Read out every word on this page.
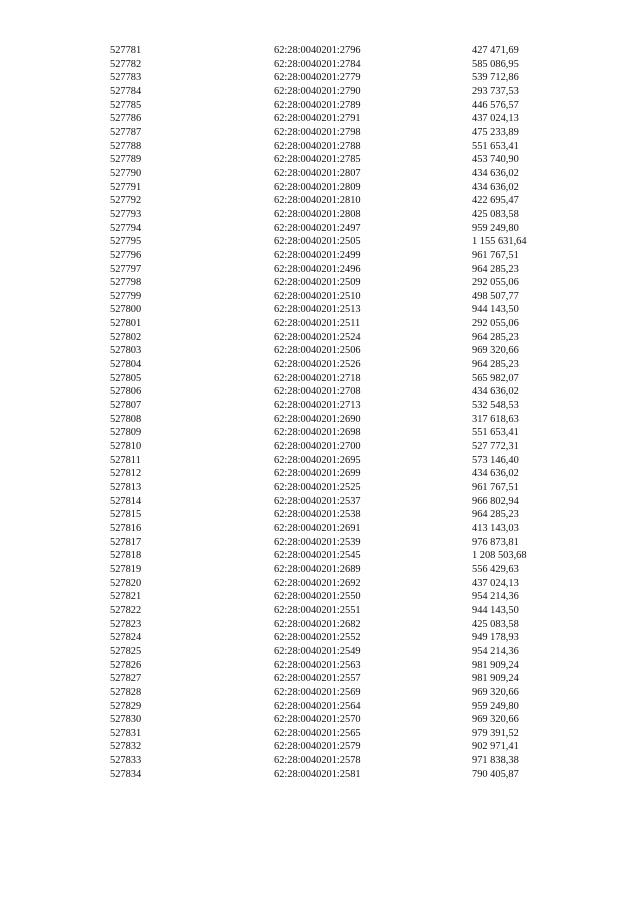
527781	62:28:0040201:2796	427 471,69
527782	62:28:0040201:2784	585 086,95
527783	62:28:0040201:2779	539 712,86
527784	62:28:0040201:2790	293 737,53
527785	62:28:0040201:2789	446 576,57
527786	62:28:0040201:2791	437 024,13
527787	62:28:0040201:2798	475 233,89
527788	62:28:0040201:2788	551 653,41
527789	62:28:0040201:2785	453 740,90
527790	62:28:0040201:2807	434 636,02
527791	62:28:0040201:2809	434 636,02
527792	62:28:0040201:2810	422 695,47
527793	62:28:0040201:2808	425 083,58
527794	62:28:0040201:2497	959 249,80
527795	62:28:0040201:2505	1 155 631,64
527796	62:28:0040201:2499	961 767,51
527797	62:28:0040201:2496	964 285,23
527798	62:28:0040201:2509	292 055,06
527799	62:28:0040201:2510	498 507,77
527800	62:28:0040201:2513	944 143,50
527801	62:28:0040201:2511	292 055,06
527802	62:28:0040201:2524	964 285,23
527803	62:28:0040201:2506	969 320,66
527804	62:28:0040201:2526	964 285,23
527805	62:28:0040201:2718	565 982,07
527806	62:28:0040201:2708	434 636,02
527807	62:28:0040201:2713	532 548,53
527808	62:28:0040201:2690	317 618,63
527809	62:28:0040201:2698	551 653,41
527810	62:28:0040201:2700	527 772,31
527811	62:28:0040201:2695	573 146,40
527812	62:28:0040201:2699	434 636,02
527813	62:28:0040201:2525	961 767,51
527814	62:28:0040201:2537	966 802,94
527815	62:28:0040201:2538	964 285,23
527816	62:28:0040201:2691	413 143,03
527817	62:28:0040201:2539	976 873,81
527818	62:28:0040201:2545	1 208 503,68
527819	62:28:0040201:2689	556 429,63
527820	62:28:0040201:2692	437 024,13
527821	62:28:0040201:2550	954 214,36
527822	62:28:0040201:2551	944 143,50
527823	62:28:0040201:2682	425 083,58
527824	62:28:0040201:2552	949 178,93
527825	62:28:0040201:2549	954 214,36
527826	62:28:0040201:2563	981 909,24
527827	62:28:0040201:2557	981 909,24
527828	62:28:0040201:2569	969 320,66
527829	62:28:0040201:2564	959 249,80
527830	62:28:0040201:2570	969 320,66
527831	62:28:0040201:2565	979 391,52
527832	62:28:0040201:2579	902 971,41
527833	62:28:0040201:2578	971 838,38
527834	62:28:0040201:2581	790 405,87
